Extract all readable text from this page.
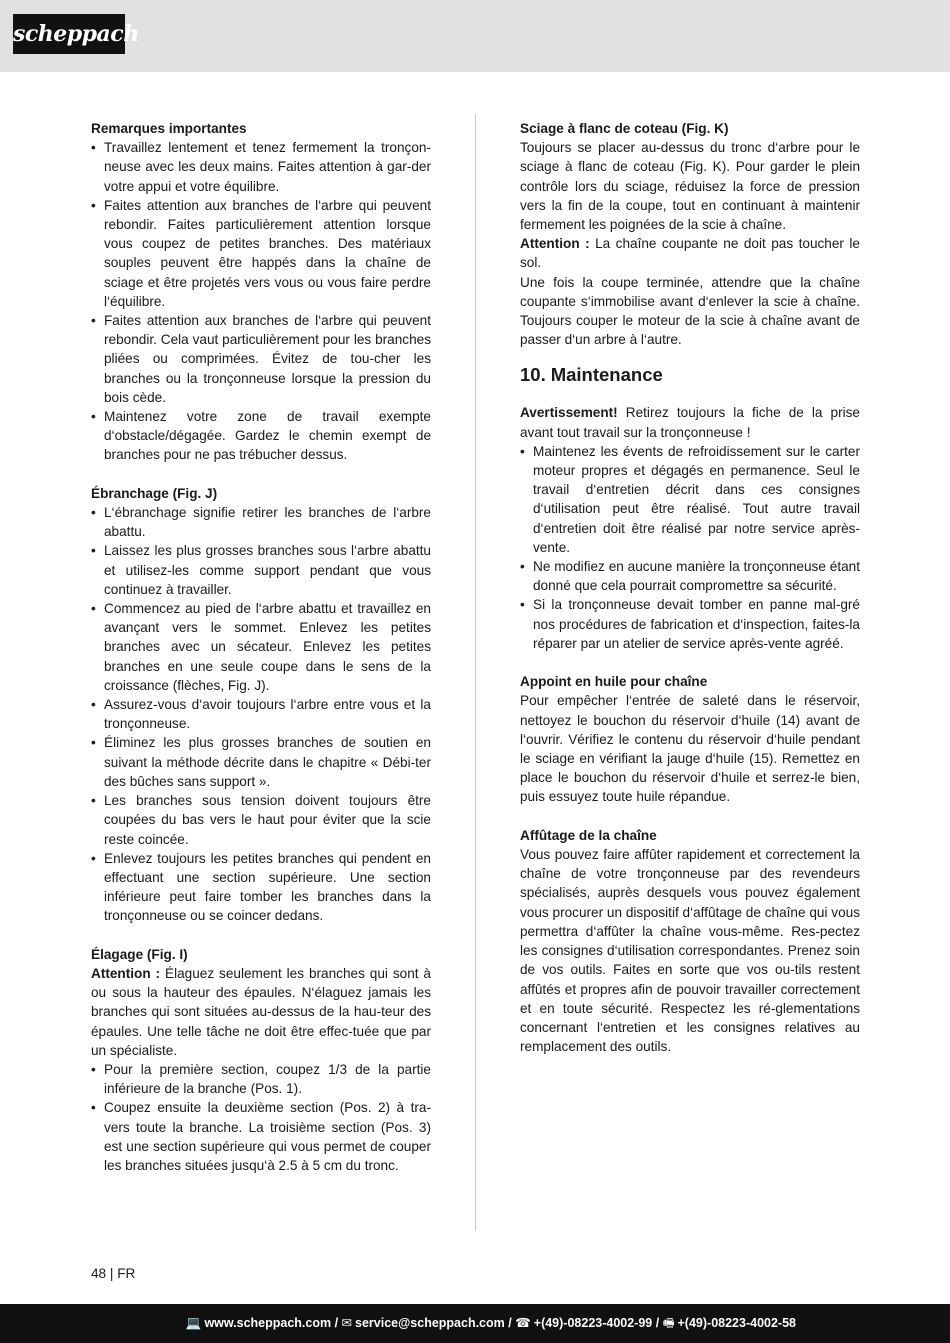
scheppach

Remarques importantes

• Travaillez lentement et tenez fermement la tronçon-neuse avec les deux mains. Faites attention à gar-der votre appui et votre équilibre.
• Faites attention aux branches de l‘arbre qui peuvent rebondir. Faites particulièrement attention lorsque vous coupez de petites branches. Des matériaux souples peuvent être happés dans la chaîne de sciage et être projetés vers vous ou vous faire perdre l‘équilibre.
• Faites attention aux branches de l‘arbre qui peuvent rebondir. Cela vaut particulièrement pour les branches pliées ou comprimées. Évitez de tou-cher les branches ou la tronçonneuse lorsque la pression du bois cède.
• Maintenez votre zone de travail exempte d‘obstacle/dégagée. Gardez le chemin exempt de branches pour ne pas trébucher dessus.

Ébranchage (Fig. J)

• L‘ébranchage signifie retirer les branches de l‘arbre abattu.
• Laissez les plus grosses branches sous l‘arbre abattu et utilisez-les comme support pendant que vous continuez à travailler.
• Commencez au pied de l‘arbre abattu et travaillez en avançant vers le sommet. Enlevez les petites branches avec un sécateur. Enlevez les petites branches en une seule coupe dans le sens de la croissance (flèches, Fig. J).
• Assurez-vous d‘avoir toujours l‘arbre entre vous et la tronçonneuse.
• Éliminez les plus grosses branches de soutien en suivant la méthode décrite dans le chapitre « Débi-ter des bûches sans support ».
• Les branches sous tension doivent toujours être coupées du bas vers le haut pour éviter que la scie reste coincée.
• Enlevez toujours les petites branches qui pendent en effectuant une section supérieure. Une section inférieure peut faire tomber les branches dans la tronçonneuse ou se coincer dedans.

Élagage (Fig. I)

Attention : Élaguez seulement les branches qui sont à ou sous la hauteur des épaules. N‘élaguez jamais les branches qui sont situées au-dessus de la hau-teur des épaules. Une telle tâche ne doit être effec-tuée que par un spécialiste.

• Pour la première section, coupez 1/3 de la partie inférieure de la branche (Pos. 1).
• Coupez ensuite la deuxième section (Pos. 2) à tra-vers toute la branche. La troisième section (Pos. 3) est une section supérieure qui vous permet de couper les branches situées jusqu‘à 2.5 à 5 cm du tronc.

Sciage à flanc de coteau (Fig. K)

Toujours se placer au-dessus du tronc d‘arbre pour le sciage à flanc de coteau (Fig. K). Pour garder le plein contrôle lors du sciage, réduisez la force de pression vers la fin de la coupe, tout en continuant à maintenir fermement les poignées de la scie à chaîne.

Attention : La chaîne coupante ne doit pas toucher le sol.

Une fois la coupe terminée, attendre que la chaîne coupante s‘immobilise avant d‘enlever la scie à chaîne. Toujours couper le moteur de la scie à chaîne avant de passer d‘un arbre à l‘autre.

10. Maintenance

Avertissement! Retirez toujours la fiche de la prise avant tout travail sur la tronçonneuse !

• Maintenez les évents de refroidissement sur le carter moteur propres et dégagés en permanence. Seul le travail d‘entretien décrit dans ces consignes d‘utilisation peut être réalisé. Tout autre travail d‘entretien doit être réalisé par notre service après-vente.
• Ne modifiez en aucune manière la tronçonneuse étant donné que cela pourrait compromettre sa sécurité.
• Si la tronçonneuse devait tomber en panne mal-gré nos procédures de fabrication et d‘inspection, faites-la réparer par un atelier de service après-vente agréé.

Appoint en huile pour chaîne

Pour empêcher l‘entrée de saleté dans le réservoir, nettoyez le bouchon du réservoir d‘huile (14) avant de l‘ouvrir. Vérifiez le contenu du réservoir d‘huile pendant le sciage en vérifiant la jauge d‘huile (15). Remettez en place le bouchon du réservoir d‘huile et serrez-le bien, puis essuyez toute huile répandue.

Affûtage de la chaîne

Vous pouvez faire affûter rapidement et correctement la chaîne de votre tronçonneuse par des revendeurs spécialisés, auprès desquels vous pouvez également vous procurer un dispositif d‘affûtage de chaîne qui vous permettra d‘affûter la chaîne vous-même. Res-pectez les consignes d‘utilisation correspondantes. Prenez soin de vos outils. Faites en sorte que vos ou-tils restent affûtés et propres afin de pouvoir travailler correctement et en toute sécurité. Respectez les ré-glementations concernant l‘entretien et les consignes relatives au remplacement des outils.

48 | FR
💻 www.scheppach.com / ✉ service@scheppach.com / ☎ +(49)-08223-4002-99 / 🖷 +(49)-08223-4002-58
